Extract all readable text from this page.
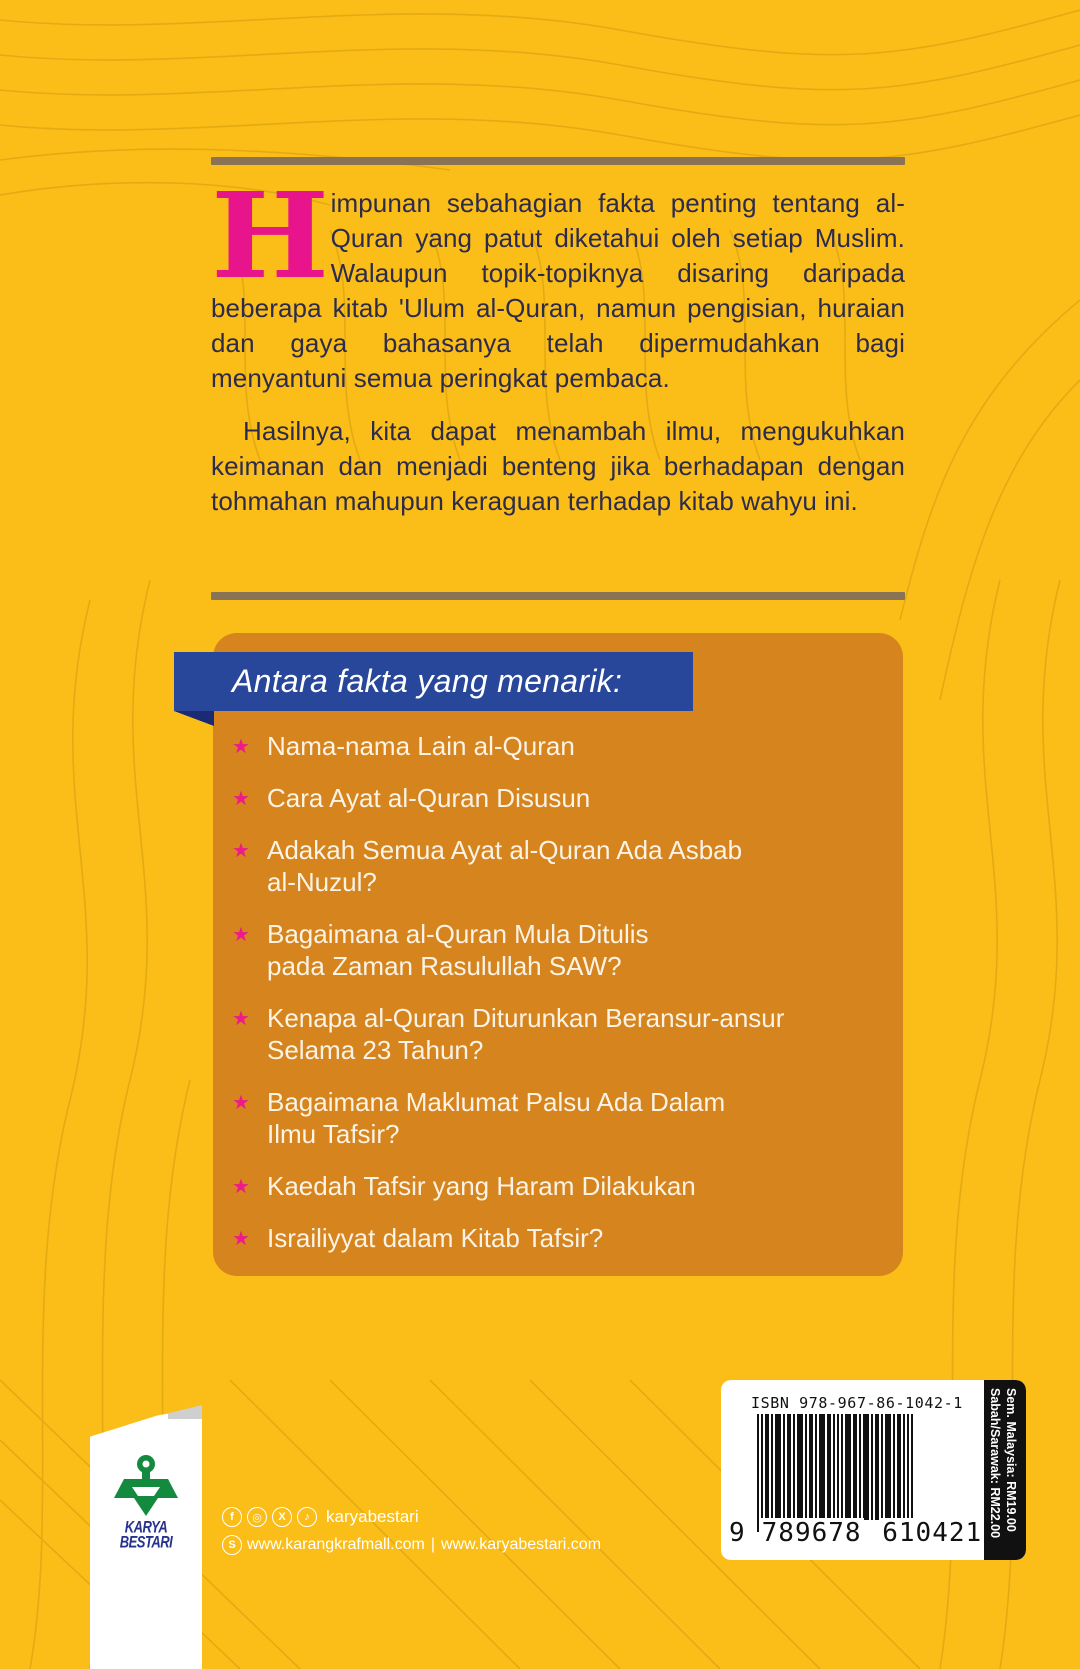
Himpunan sebahagian fakta penting tentang al-Quran yang patut diketahui oleh setiap Muslim. Walaupun topik-topiknya disaring daripada beberapa kitab 'Ulum al-Quran, namun pengisian, huraian dan gaya bahasanya telah dipermudahkan bagi menyantuni semua peringkat pembaca.

Hasilnya, kita dapat menambah ilmu, mengukuhkan keimanan dan menjadi benteng jika berhadapan dengan tohmahan mahupun keraguan terhadap kitab wahyu ini.

Antara fakta yang menarik:
★ Nama-nama Lain al-Quran
★ Cara Ayat al-Quran Disusun
★ Adakah Semua Ayat al-Quran Ada Asbab
al-Nuzul?
★ Bagaimana al-Quran Mula Ditulis
pada Zaman Rasulullah SAW?
★ Kenapa al-Quran Diturunkan Beransur-ansur
Selama 23 Tahun?
★ Bagaimana Maklumat Palsu Ada Dalam
Ilmu Tafsir?
★ Kaedah Tafsir yang Haram Dilakukan
★ Israiliyyat dalam Kitab Tafsir?
KARYA
BESTARI
f	◎	X	♪ karyabestari
S www.karangkrafmall.com | www.karyabestari.com
ISBN 978-967-86-1042-1
9 789678 610421
Sem. Malaysia: RM19.00
Sabah/Sarawak: RM22.00
